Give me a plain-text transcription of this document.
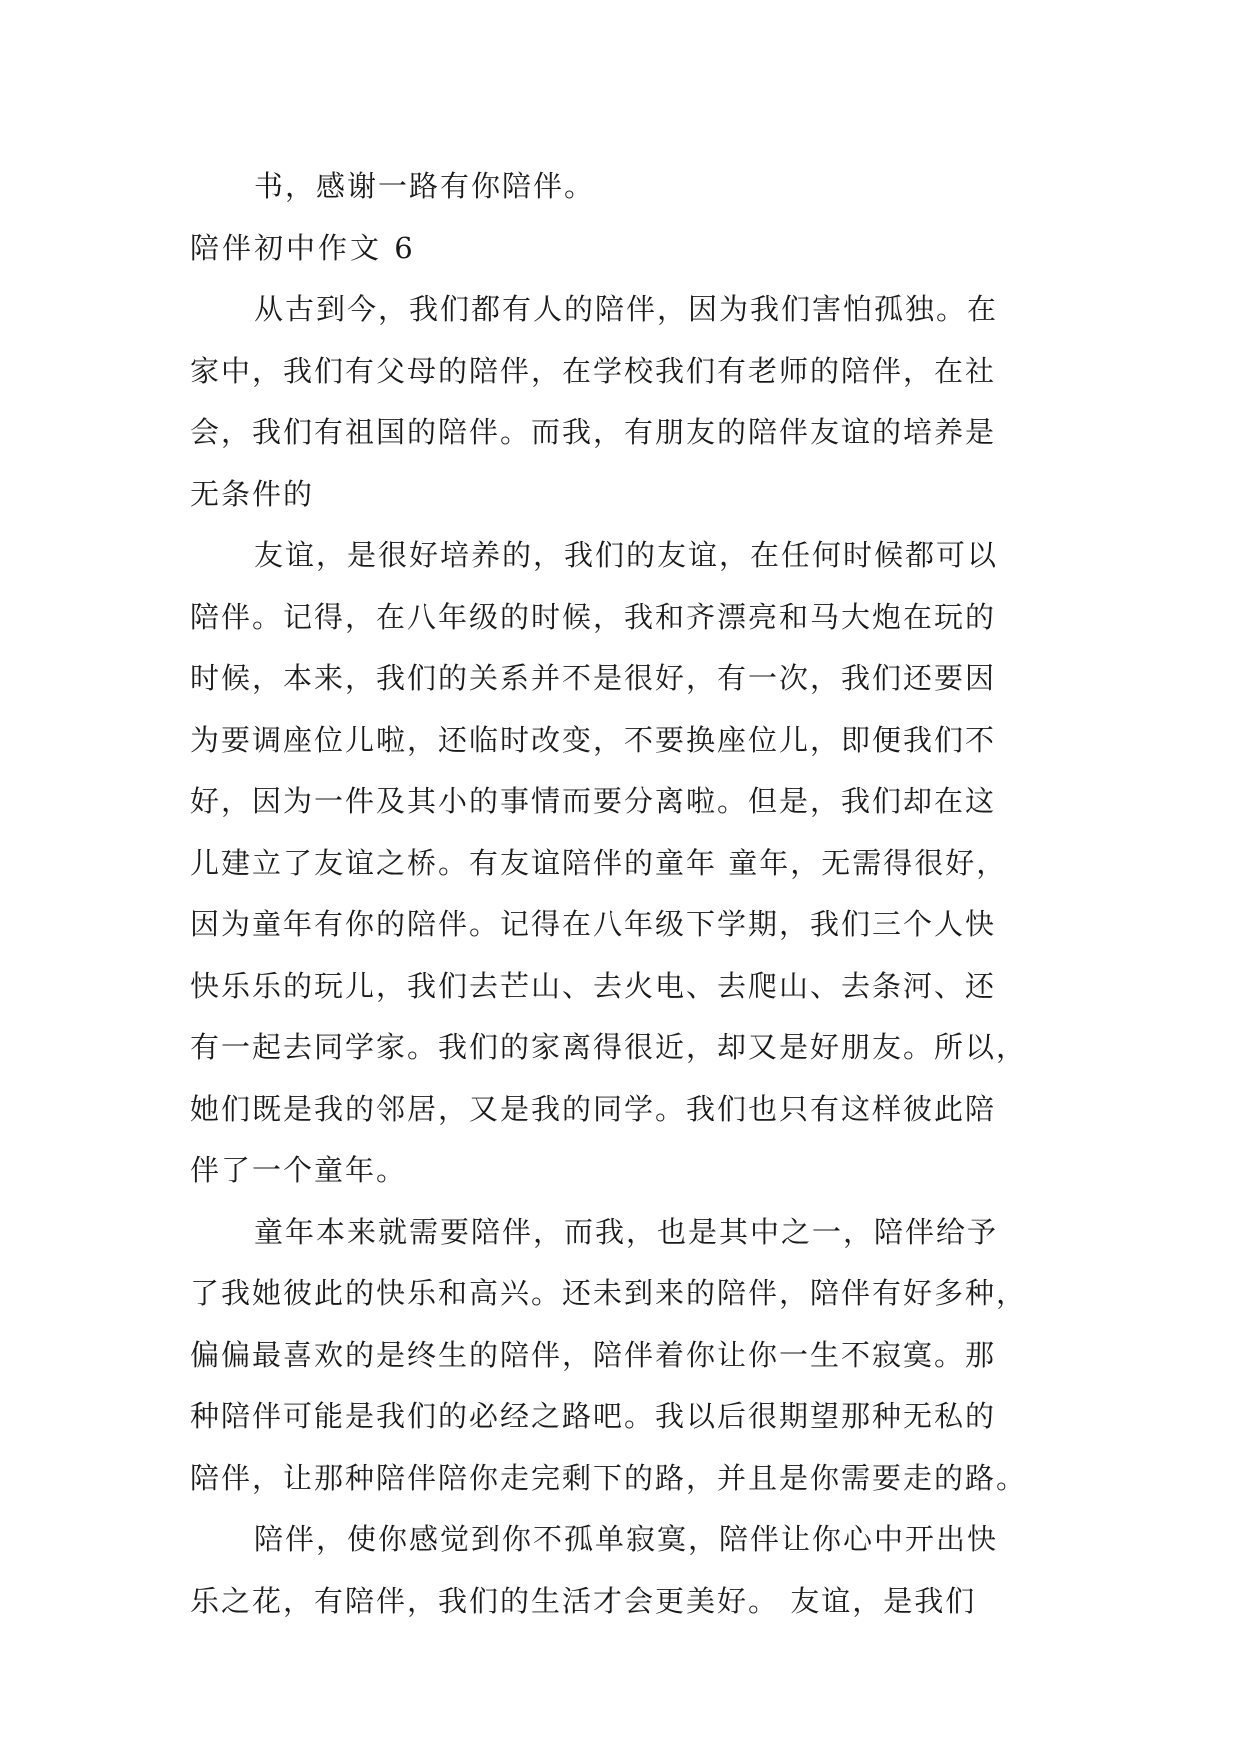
书，感谢一路有你陪伴。
陪伴初中作文 6
从古到今，我们都有人的陪伴，因为我们害怕孤独。在
家中，我们有父母的陪伴，在学校我们有老师的陪伴，在社
会，我们有祖国的陪伴。而我，有朋友的陪伴友谊的培养是
无条件的
友谊，是很好培养的，我们的友谊，在任何时候都可以
陪伴。记得，在八年级的时候，我和齐漂亮和马大炮在玩的
时候，本来，我们的关系并不是很好，有一次，我们还要因
为要调座位儿啦，还临时改变，不要换座位儿，即便我们不
好，因为一件及其小的事情而要分离啦。但是，我们却在这
儿建立了友谊之桥。有友谊陪伴的童年 童年，无需得很好，
因为童年有你的陪伴。记得在八年级下学期，我们三个人快
快乐乐的玩儿，我们去芒山、去火电、去爬山、去条河、还
有一起去同学家。我们的家离得很近，却又是好朋友。所以，
她们既是我的邻居，又是我的同学。我们也只有这样彼此陪
伴了一个童年。
童年本来就需要陪伴，而我，也是其中之一，陪伴给予
了我她彼此的快乐和高兴。还未到来的陪伴，陪伴有好多种，
偏偏最喜欢的是终生的陪伴，陪伴着你让你一生不寂寞。那
种陪伴可能是我们的必经之路吧。我以后很期望那种无私的
陪伴，让那种陪伴陪你走完剩下的路，并且是你需要走的路。
陪伴，使你感觉到你不孤单寂寞，陪伴让你心中开出快
乐之花，有陪伴，我们的生活才会更美好。 友谊，是我们
